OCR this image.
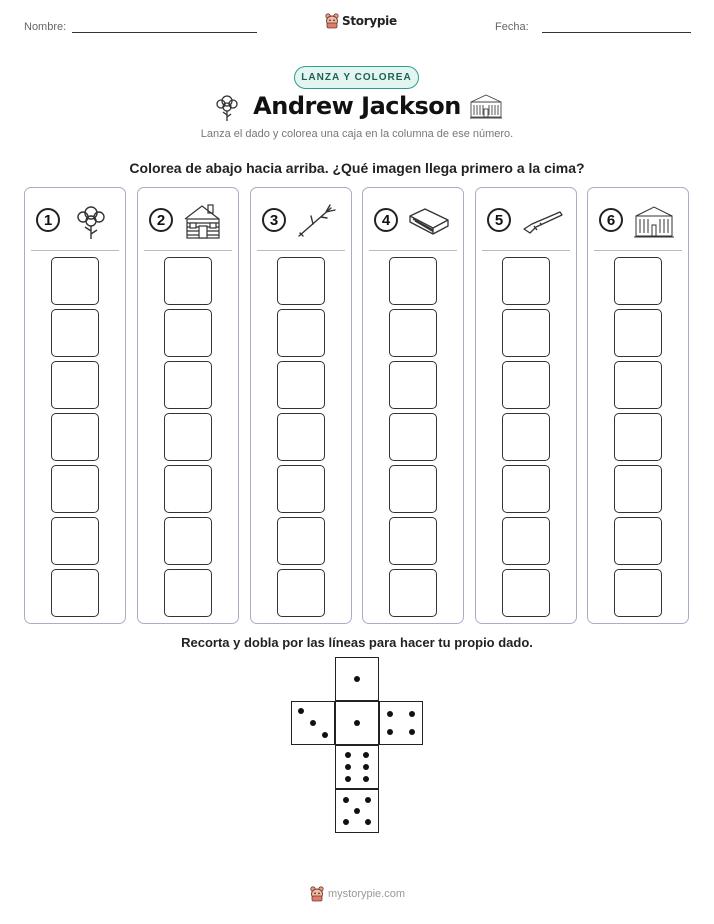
Nombre:	Fecha:
Storypie
LANZA Y COLOREA
Andrew Jackson
Lanza el dado y colorea una caja en la columna de ese número.
Colorea de abajo hacia arriba. ¿Qué imagen llega primero a la cima?
1	2	3	4	5	6
Recorta y dobla por las líneas para hacer tu propio dado.
mystorypie.com
